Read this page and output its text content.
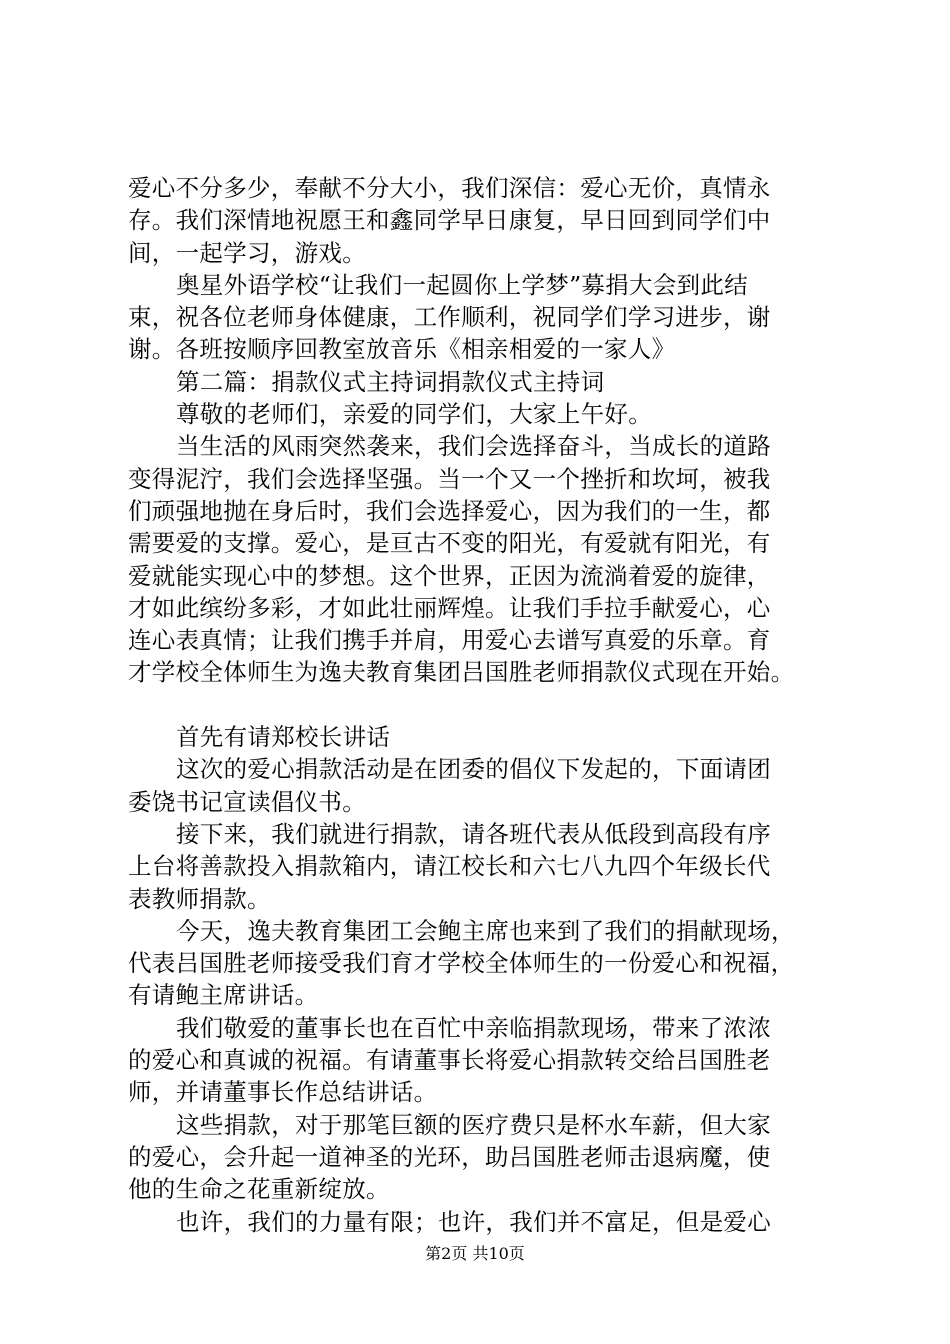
爱心不分多少，奉献不分大小，我们深信：爱心无价，真情永
存。我们深情地祝愿王和鑫同学早日康复，早日回到同学们中
间，一起学习，游戏。
奥星外语学校“让我们一起圆你上学梦”募捐大会到此结
束，祝各位老师身体健康，工作顺利，祝同学们学习进步，谢
谢。各班按顺序回教室放音乐《相亲相爱的一家人》
第二篇：捐款仪式主持词捐款仪式主持词
尊敬的老师们，亲爱的同学们，大家上午好。
当生活的风雨突然袭来，我们会选择奋斗，当成长的道路
变得泥泞，我们会选择坚强。当一个又一个挫折和坎坷，被我
们顽强地抛在身后时，我们会选择爱心，因为我们的一生，都
需要爱的支撑。爱心，是亘古不变的阳光，有爱就有阳光，有
爱就能实现心中的梦想。这个世界，正因为流淌着爱的旋律，
才如此缤纷多彩，才如此壮丽辉煌。让我们手拉手献爱心，心
连心表真情；让我们携手并肩，用爱心去谱写真爱的乐章。育
才学校全体师生为逸夫教育集团吕国胜老师捐款仪式现在开始。
首先有请郑校长讲话
这次的爱心捐款活动是在团委的倡仪下发起的，下面请团
委饶书记宣读倡仪书。
接下来，我们就进行捐款，请各班代表从低段到高段有序
上台将善款投入捐款箱内，请江校长和六七八九四个年级长代
表教师捐款。
今天，逸夫教育集团工会鲍主席也来到了我们的捐献现场，
代表吕国胜老师接受我们育才学校全体师生的一份爱心和祝福，
有请鲍主席讲话。
我们敬爱的董事长也在百忙中亲临捐款现场，带来了浓浓
的爱心和真诚的祝福。有请董事长将爱心捐款转交给吕国胜老
师，并请董事长作总结讲话。
这些捐款，对于那笔巨额的医疗费只是杯水车薪，但大家
的爱心，会升起一道神圣的光环，助吕国胜老师击退病魔，使
他的生命之花重新绽放。
也许，我们的力量有限；也许，我们并不富足，但是爱心
第2页 共10页
